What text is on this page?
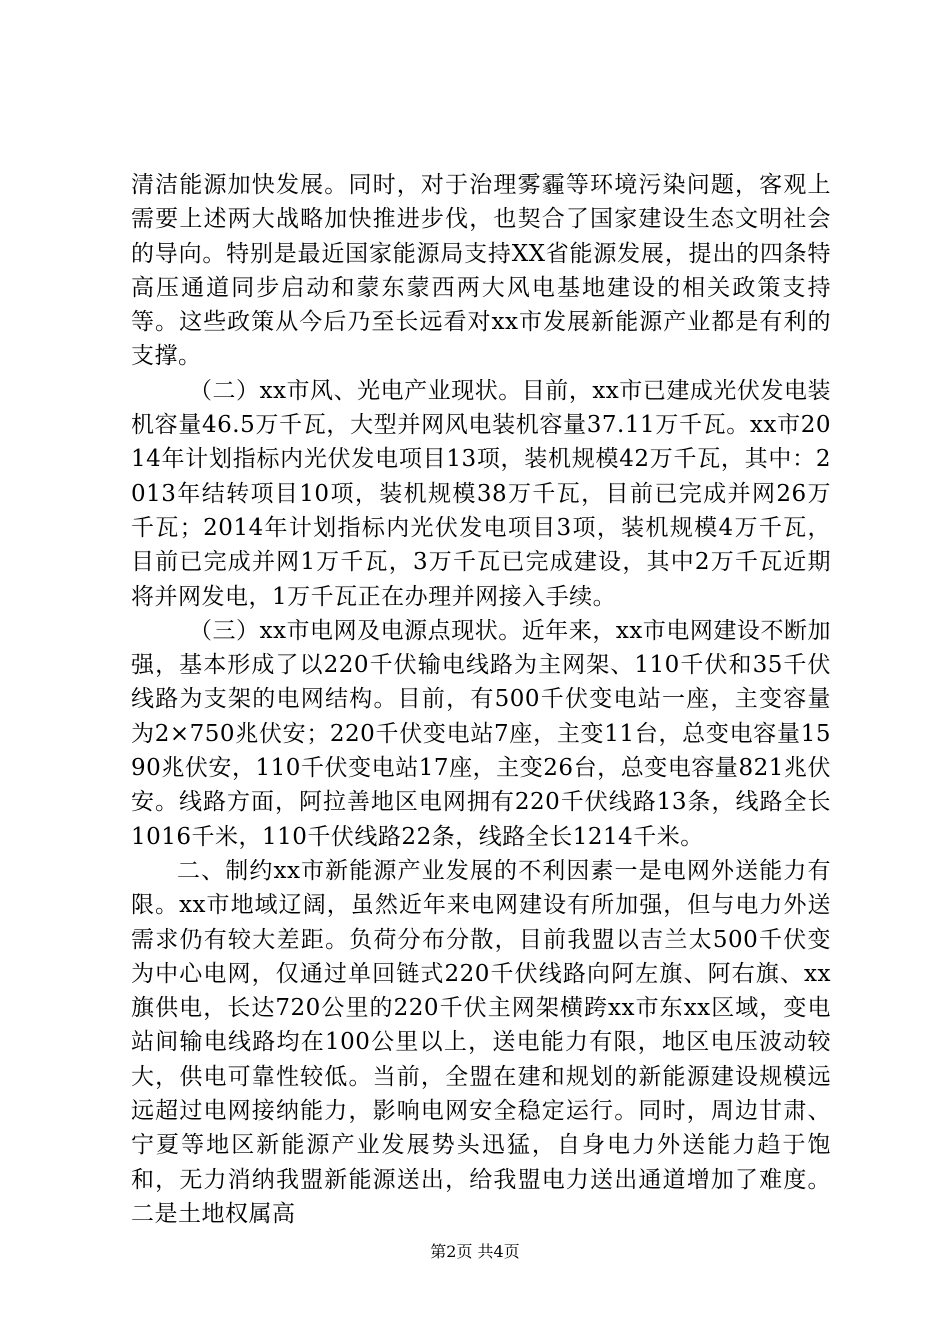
清洁能源加快发展。同时，对于治理雾霾等环境污染问题，客观上需要上述两大战略加快推进步伐，也契合了国家建设生态文明社会的导向。特别是最近国家能源局支持XX省能源发展，提出的四条特高压通道同步启动和蒙东蒙西两大风电基地建设的相关政策支持等。这些政策从今后乃至长远看对xx市发展新能源产业都是有利的支撑。

（二）xx市风、光电产业现状。目前，xx市已建成光伏发电装机容量46.5万千瓦，大型并网风电装机容量37.11万千瓦。xx市2014年计划指标内光伏发电项目13项，装机规模42万千瓦，其中：2013年结转项目10项，装机规模38万千瓦，目前已完成并网26万千瓦；2014年计划指标内光伏发电项目3项，装机规模4万千瓦，目前已完成并网1万千瓦，3万千瓦已完成建设，其中2万千瓦近期将并网发电，1万千瓦正在办理并网接入手续。

（三）xx市电网及电源点现状。近年来，xx市电网建设不断加强，基本形成了以220千伏输电线路为主网架、110千伏和35千伏线路为支架的电网结构。目前，有500千伏变电站一座，主变容量为2×750兆伏安；220千伏变电站7座，主变11台，总变电容量1590兆伏安，110千伏变电站17座，主变26台，总变电容量821兆伏安。线路方面，阿拉善地区电网拥有220千伏线路13条，线路全长1016千米，110千伏线路22条，线路全长1214千米。

二、制约xx市新能源产业发展的不利因素一是电网外送能力有限。xx市地域辽阔，虽然近年来电网建设有所加强，但与电力外送需求仍有较大差距。负荷分布分散，目前我盟以吉兰太500千伏变为中心电网，仅通过单回链式220千伏线路向阿左旗、阿右旗、xx旗供电，长达720公里的220千伏主网架横跨xx市东xx区域，变电站间输电线路均在100公里以上，送电能力有限，地区电压波动较大，供电可靠性较低。当前，全盟在建和规划的新能源建设规模远远超过电网接纳能力，影响电网安全稳定运行。同时，周边甘肃、宁夏等地区新能源产业发展势头迅猛，自身电力外送能力趋于饱和，无力消纳我盟新能源送出，给我盟电力送出通道增加了难度。二是土地权属高

第2页 共4页
